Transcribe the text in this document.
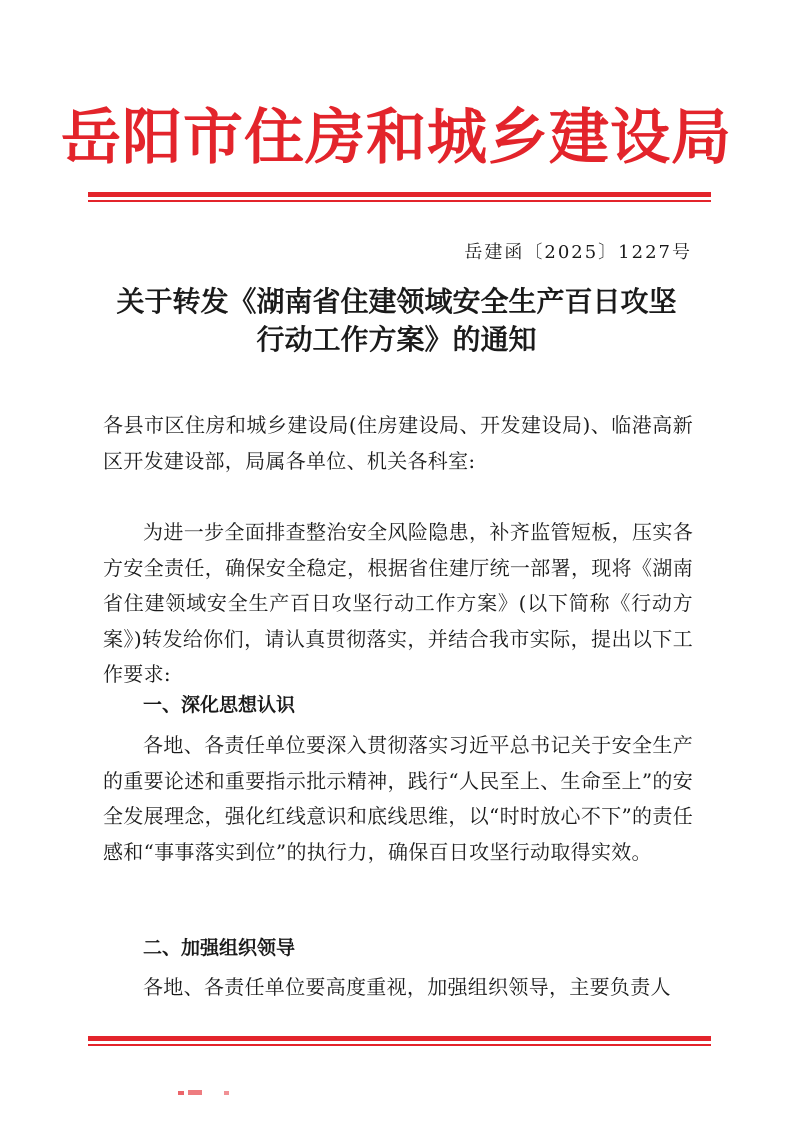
岳阳市住房和城乡建设局
岳建函〔2025〕1227号
关于转发《湖南省住建领域安全生产百日攻坚
行动工作方案》的通知
各县市区住房和城乡建设局(住房建设局、开发建设局)、临港高新区开发建设部，局属各单位、机关各科室:
为进一步全面排查整治安全风险隐患，补齐监管短板，压实各方安全责任，确保安全稳定，根据省住建厅统一部署，现将《湖南省住建领域安全生产百日攻坚行动工作方案》(以下简称《行动方案》)转发给你们，请认真贯彻落实，并结合我市实际，提出以下工作要求:
一、深化思想认识
各地、各责任单位要深入贯彻落实习近平总书记关于安全生产的重要论述和重要指示批示精神，践行“人民至上、生命至上”的安全发展理念，强化红线意识和底线思维，以“时时放心不下”的责任感和“事事落实到位”的执行力，确保百日攻坚行动取得实效。
二、加强组织领导
各地、各责任单位要高度重视，加强组织领导，主要负责人
